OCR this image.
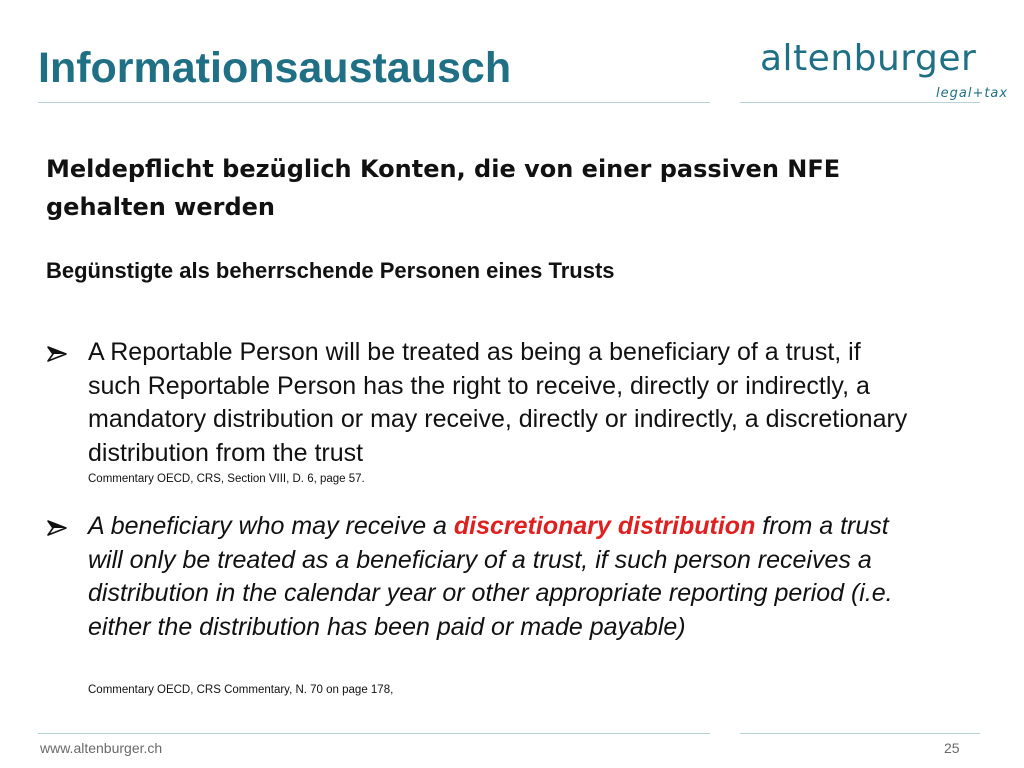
Informationsaustausch	altenburger
legal+tax
Meldepflicht bezüglich Konten, die von einer passiven NFE gehalten werden
Begünstigte als beherrschende Personen eines Trusts
A Reportable Person will be treated as being a beneficiary of a trust, if such Reportable Person has the right to receive, directly or indirectly, a mandatory distribution or may receive, directly or indirectly, a discretionary distribution from the trust
Commentary OECD, CRS, Section VIII, D. 6, page 57.
A beneficiary who may receive a discretionary distribution from a trust will only be treated as a beneficiary of a trust, if such person receives a distribution in the calendar year or other appropriate reporting period (i.e. either the distribution has been paid or made payable)
Commentary OECD, CRS Commentary, N. 70 on page 178,
www.altenburger.ch	25
